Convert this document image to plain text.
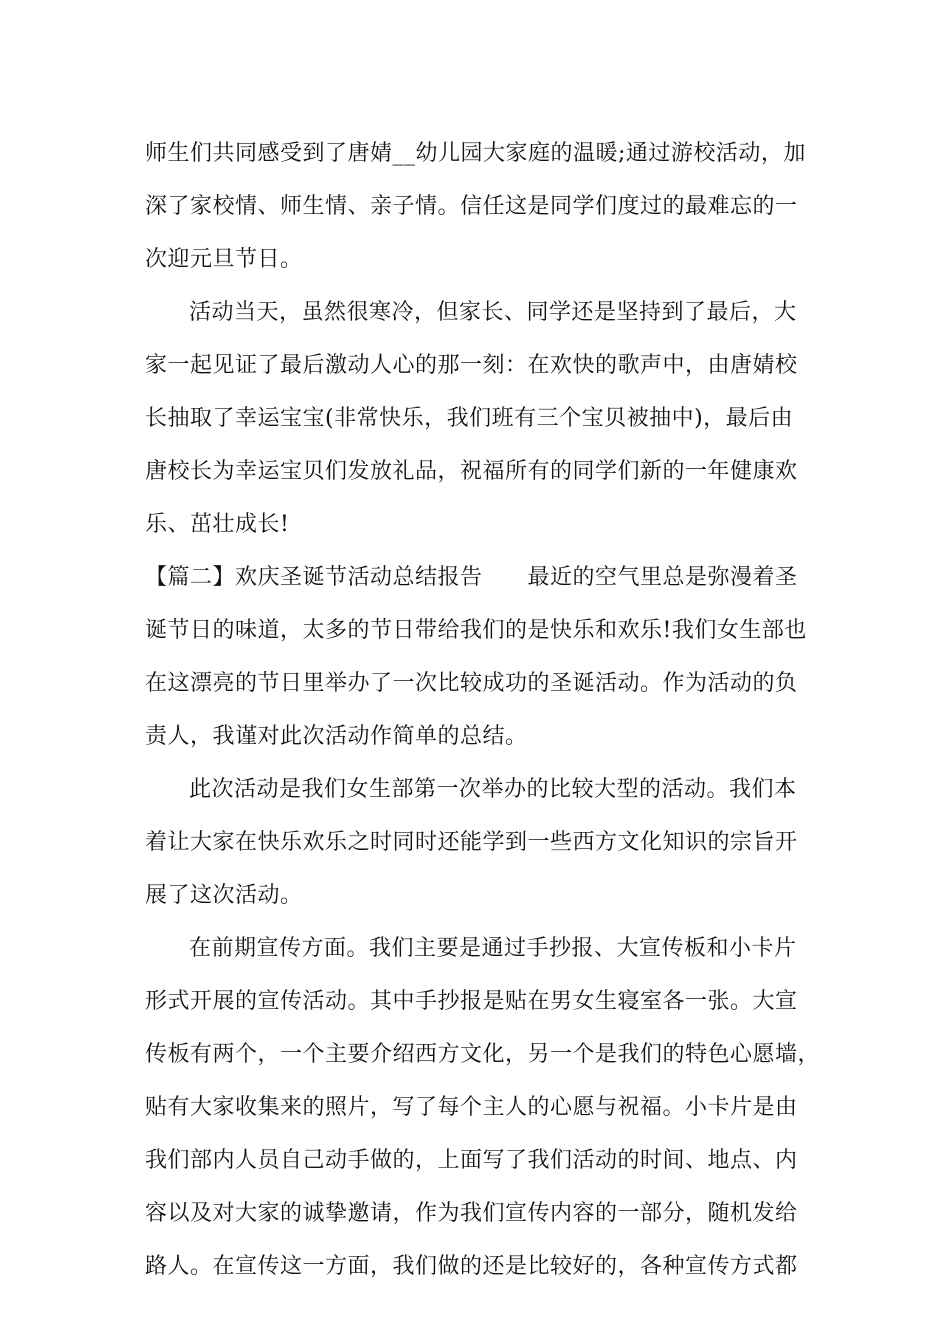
师生们共同感受到了唐婧__幼儿园大家庭的温暖;通过游校活动，加
深了家校情、师生情、亲子情。信任这是同学们度过的最难忘的一
次迎元旦节日。
活动当天，虽然很寒冷，但家长、同学还是坚持到了最后，大
家一起见证了最后激动人心的那一刻：在欢快的歌声中，由唐婧校
长抽取了幸运宝宝(非常快乐，我们班有三个宝贝被抽中)，最后由
唐校长为幸运宝贝们发放礼品，祝福所有的同学们新的一年健康欢
乐、茁壮成长!
【篇二】欢庆圣诞节活动总结报告　　最近的空气里总是弥漫着圣
诞节日的味道，太多的节日带给我们的是快乐和欢乐!我们女生部也
在这漂亮的节日里举办了一次比较成功的圣诞活动。作为活动的负
责人，我谨对此次活动作简单的总结。
此次活动是我们女生部第一次举办的比较大型的活动。我们本
着让大家在快乐欢乐之时同时还能学到一些西方文化知识的宗旨开
展了这次活动。
在前期宣传方面。我们主要是通过手抄报、大宣传板和小卡片
形式开展的宣传活动。其中手抄报是贴在男女生寝室各一张。大宣
传板有两个，一个主要介绍西方文化，另一个是我们的特色心愿墙，
贴有大家收集来的照片，写了每个主人的心愿与祝福。小卡片是由
我们部内人员自己动手做的，上面写了我们活动的时间、地点、内
容以及对大家的诚挚邀请，作为我们宣传内容的一部分，随机发给
路人。在宣传这一方面，我们做的还是比较好的，各种宣传方式都
